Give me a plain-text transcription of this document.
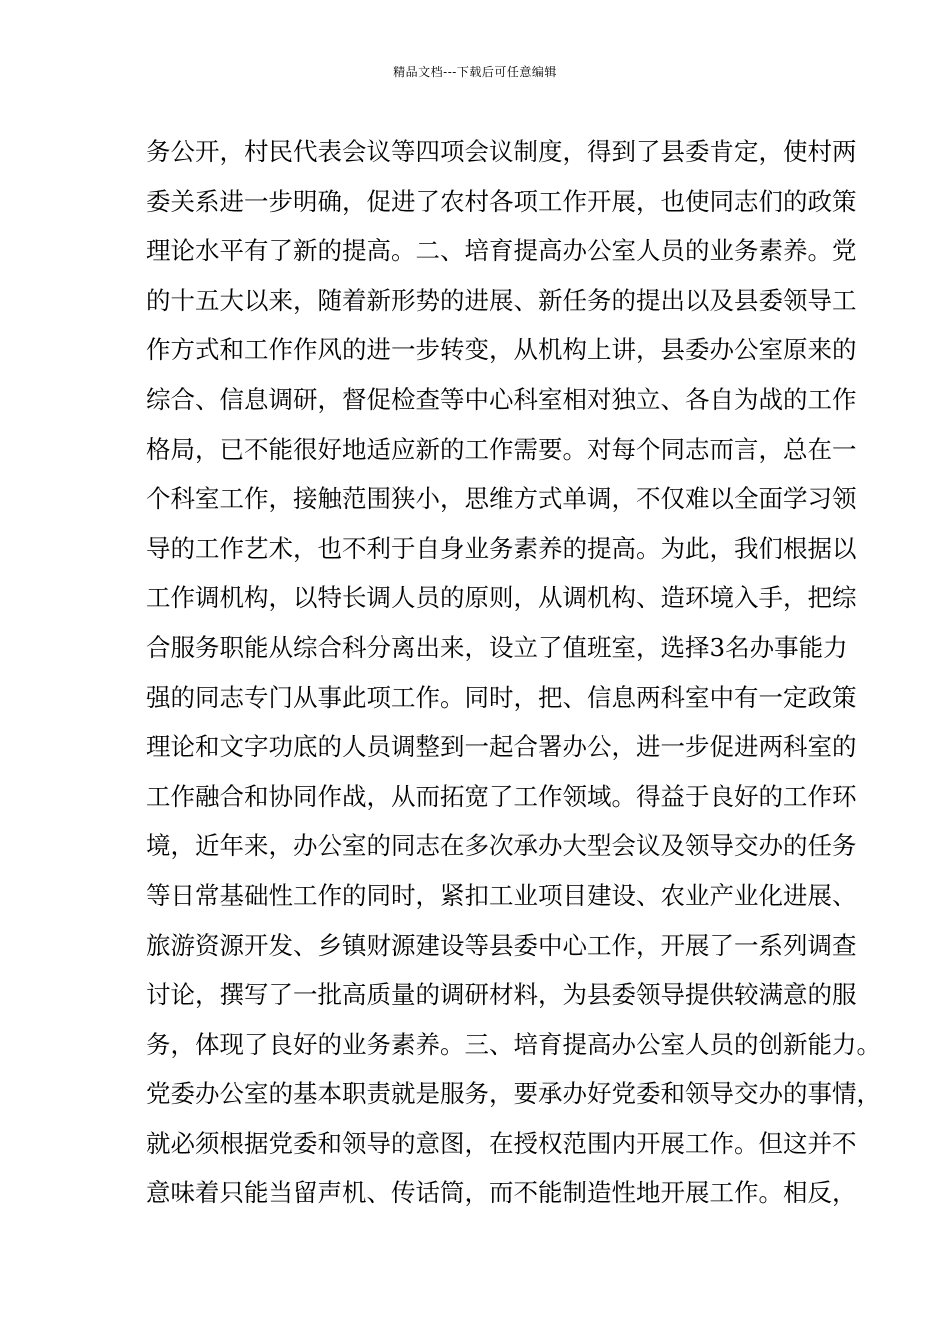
精品文档---下载后可任意编辑
务公开，村民代表会议等四项会议制度，得到了县委肯定，使村两
委关系进一步明确，促进了农村各项工作开展，也使同志们的政策
理论水平有了新的提高。二、培育提高办公室人员的业务素养。党
的十五大以来，随着新形势的进展、新任务的提出以及县委领导工
作方式和工作作风的进一步转变，从机构上讲，县委办公室原来的
综合、信息调研，督促检查等中心科室相对独立、各自为战的工作
格局，已不能很好地适应新的工作需要。对每个同志而言，总在一
个科室工作，接触范围狭小，思维方式单调，不仅难以全面学习领
导的工作艺术，也不利于自身业务素养的提高。为此，我们根据以
工作调机构，以特长调人员的原则，从调机构、造环境入手，把综
合服务职能从综合科分离出来，设立了值班室，选择3名办事能力
强的同志专门从事此项工作。同时，把、信息两科室中有一定政策
理论和文字功底的人员调整到一起合署办公，进一步促进两科室的
工作融合和协同作战，从而拓宽了工作领域。得益于良好的工作环
境，近年来，办公室的同志在多次承办大型会议及领导交办的任务
等日常基础性工作的同时，紧扣工业项目建设、农业产业化进展、
旅游资源开发、乡镇财源建设等县委中心工作，开展了一系列调查
讨论，撰写了一批高质量的调研材料，为县委领导提供较满意的服
务，体现了良好的业务素养。三、培育提高办公室人员的创新能力。
党委办公室的基本职责就是服务，要承办好党委和领导交办的事情，
就必须根据党委和领导的意图，在授权范围内开展工作。但这并不
意味着只能当留声机、传话筒，而不能制造性地开展工作。相反，
